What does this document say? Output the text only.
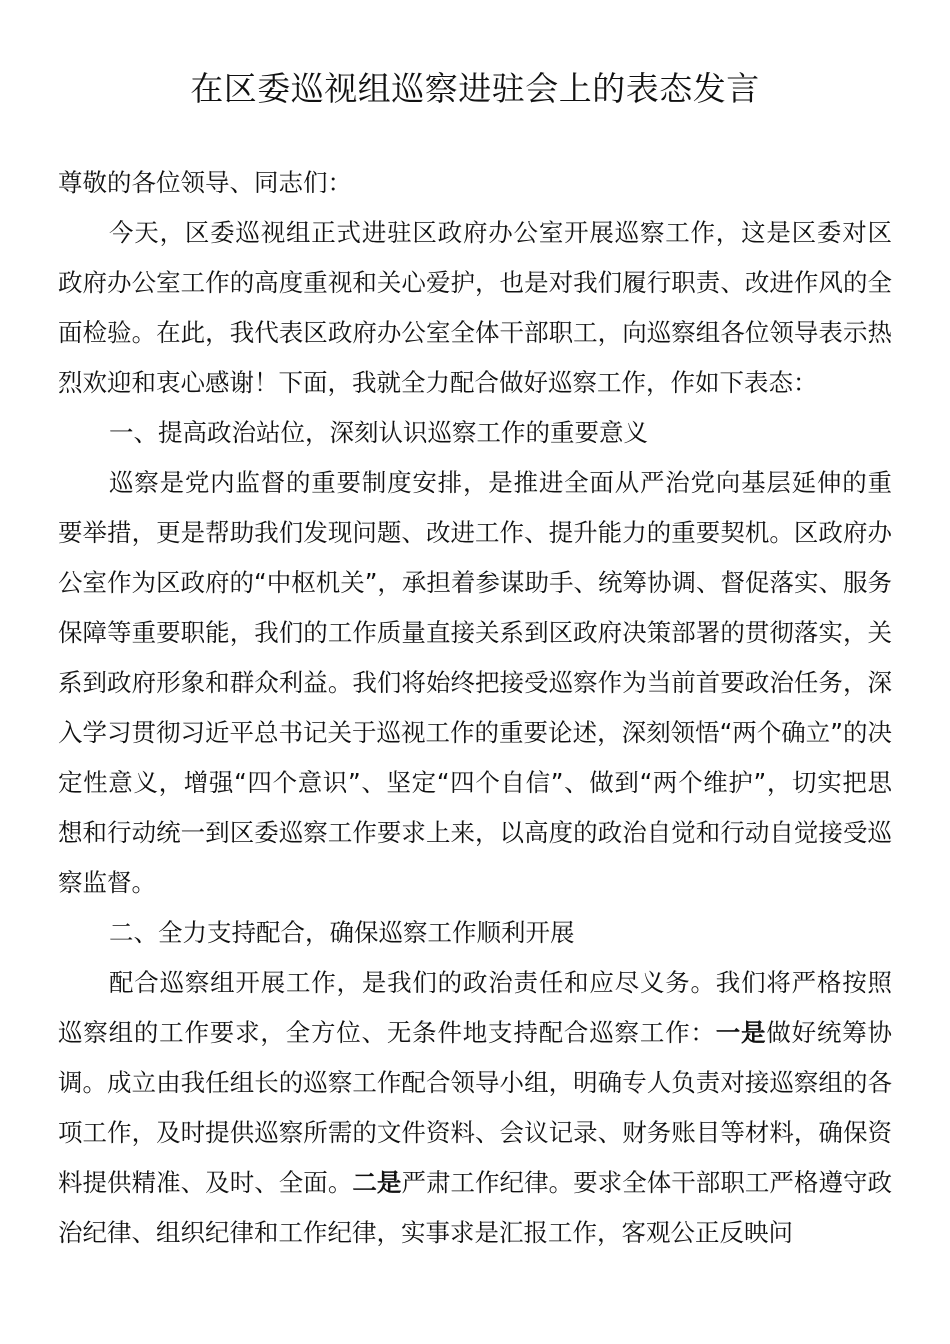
在区委巡视组巡察进驻会上的表态发言

尊敬的各位领导、同志们：

今天，区委巡视组正式进驻区政府办公室开展巡察工作，这是区委对区政府办公室工作的高度重视和关心爱护，也是对我们履行职责、改进作风的全面检验。在此，我代表区政府办公室全体干部职工，向巡察组各位领导表示热烈欢迎和衷心感谢！下面，我就全力配合做好巡察工作，作如下表态：

一、提高政治站位，深刻认识巡察工作的重要意义

巡察是党内监督的重要制度安排，是推进全面从严治党向基层延伸的重要举措，更是帮助我们发现问题、改进工作、提升能力的重要契机。区政府办公室作为区政府的“中枢机关”，承担着参谋助手、统筹协调、督促落实、服务保障等重要职能，我们的工作质量直接关系到区政府决策部署的贯彻落实，关系到政府形象和群众利益。我们将始终把接受巡察作为当前首要政治任务，深入学习贯彻习近平总书记关于巡视工作的重要论述，深刻领悟“两个确立”的决定性意义，增强“四个意识”、坚定“四个自信”、做到“两个维护”，切实把思想和行动统一到区委巡察工作要求上来，以高度的政治自觉和行动自觉接受巡察监督。

二、全力支持配合，确保巡察工作顺利开展

配合巡察组开展工作，是我们的政治责任和应尽义务。我们将严格按照巡察组的工作要求，全方位、无条件地支持配合巡察工作：一是做好统筹协调。成立由我任组长的巡察工作配合领导小组，明确专人负责对接巡察组的各项工作，及时提供巡察所需的文件资料、会议记录、财务账目等材料，确保资料提供精准、及时、全面。二是严肃工作纪律。要求全体干部职工严格遵守政治纪律、组织纪律和工作纪律，实事求是汇报工作，客观公正反映问
